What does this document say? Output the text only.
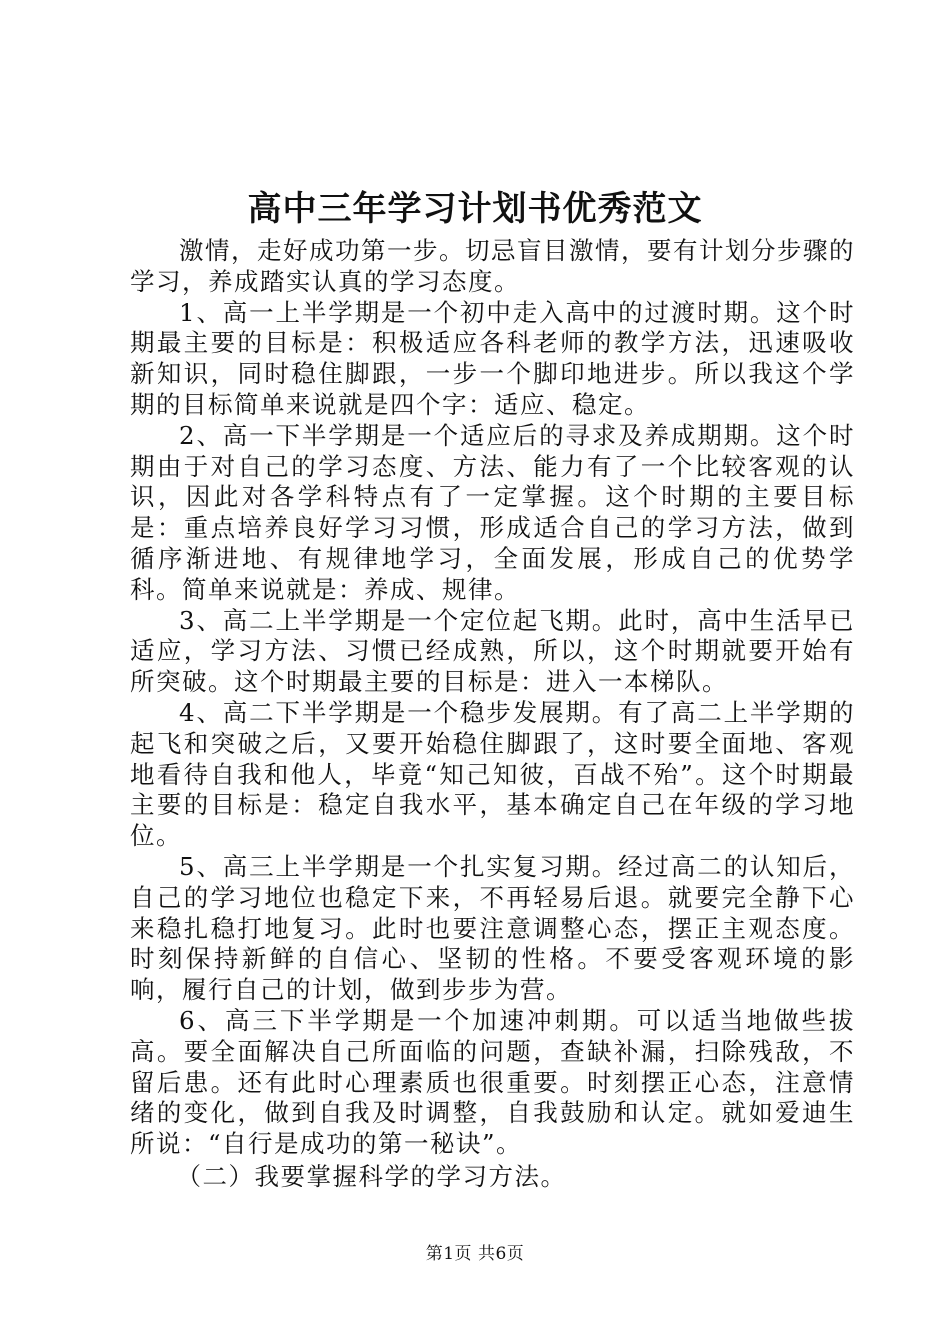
高中三年学习计划书优秀范文

激情，走好成功第一步。切忌盲目激情，要有计划分步骤的学习，养成踏实认真的学习态度。

1、高一上半学期是一个初中走入高中的过渡时期。这个时期最主要的目标是：积极适应各科老师的教学方法，迅速吸收新知识，同时稳住脚跟，一步一个脚印地进步。所以我这个学期的目标简单来说就是四个字：适应、稳定。

2、高一下半学期是一个适应后的寻求及养成期期。这个时期由于对自己的学习态度、方法、能力有了一个比较客观的认识，因此对各学科特点有了一定掌握。这个时期的主要目标是：重点培养良好学习习惯，形成适合自己的学习方法，做到循序渐进地、有规律地学习，全面发展，形成自己的优势学科。简单来说就是：养成、规律。

3、高二上半学期是一个定位起飞期。此时，高中生活早已适应，学习方法、习惯已经成熟，所以，这个时期就要开始有所突破。这个时期最主要的目标是：进入一本梯队。

4、高二下半学期是一个稳步发展期。有了高二上半学期的起飞和突破之后，又要开始稳住脚跟了，这时要全面地、客观地看待自我和他人，毕竟“知己知彼，百战不殆”。这个时期最主要的目标是：稳定自我水平，基本确定自己在年级的学习地位。

5、高三上半学期是一个扎实复习期。经过高二的认知后，自己的学习地位也稳定下来，不再轻易后退。就要完全静下心来稳扎稳打地复习。此时也要注意调整心态，摆正主观态度。时刻保持新鲜的自信心、坚韧的性格。不要受客观环境的影响，履行自己的计划，做到步步为营。

6、高三下半学期是一个加速冲刺期。可以适当地做些拔高。要全面解决自己所面临的问题，查缺补漏，扫除残敌，不留后患。还有此时心理素质也很重要。时刻摆正心态，注意情绪的变化，做到自我及时调整，自我鼓励和认定。就如爱迪生所说：“自行是成功的第一秘诀”。

（二）我要掌握科学的学习方法。

第1页 共6页
